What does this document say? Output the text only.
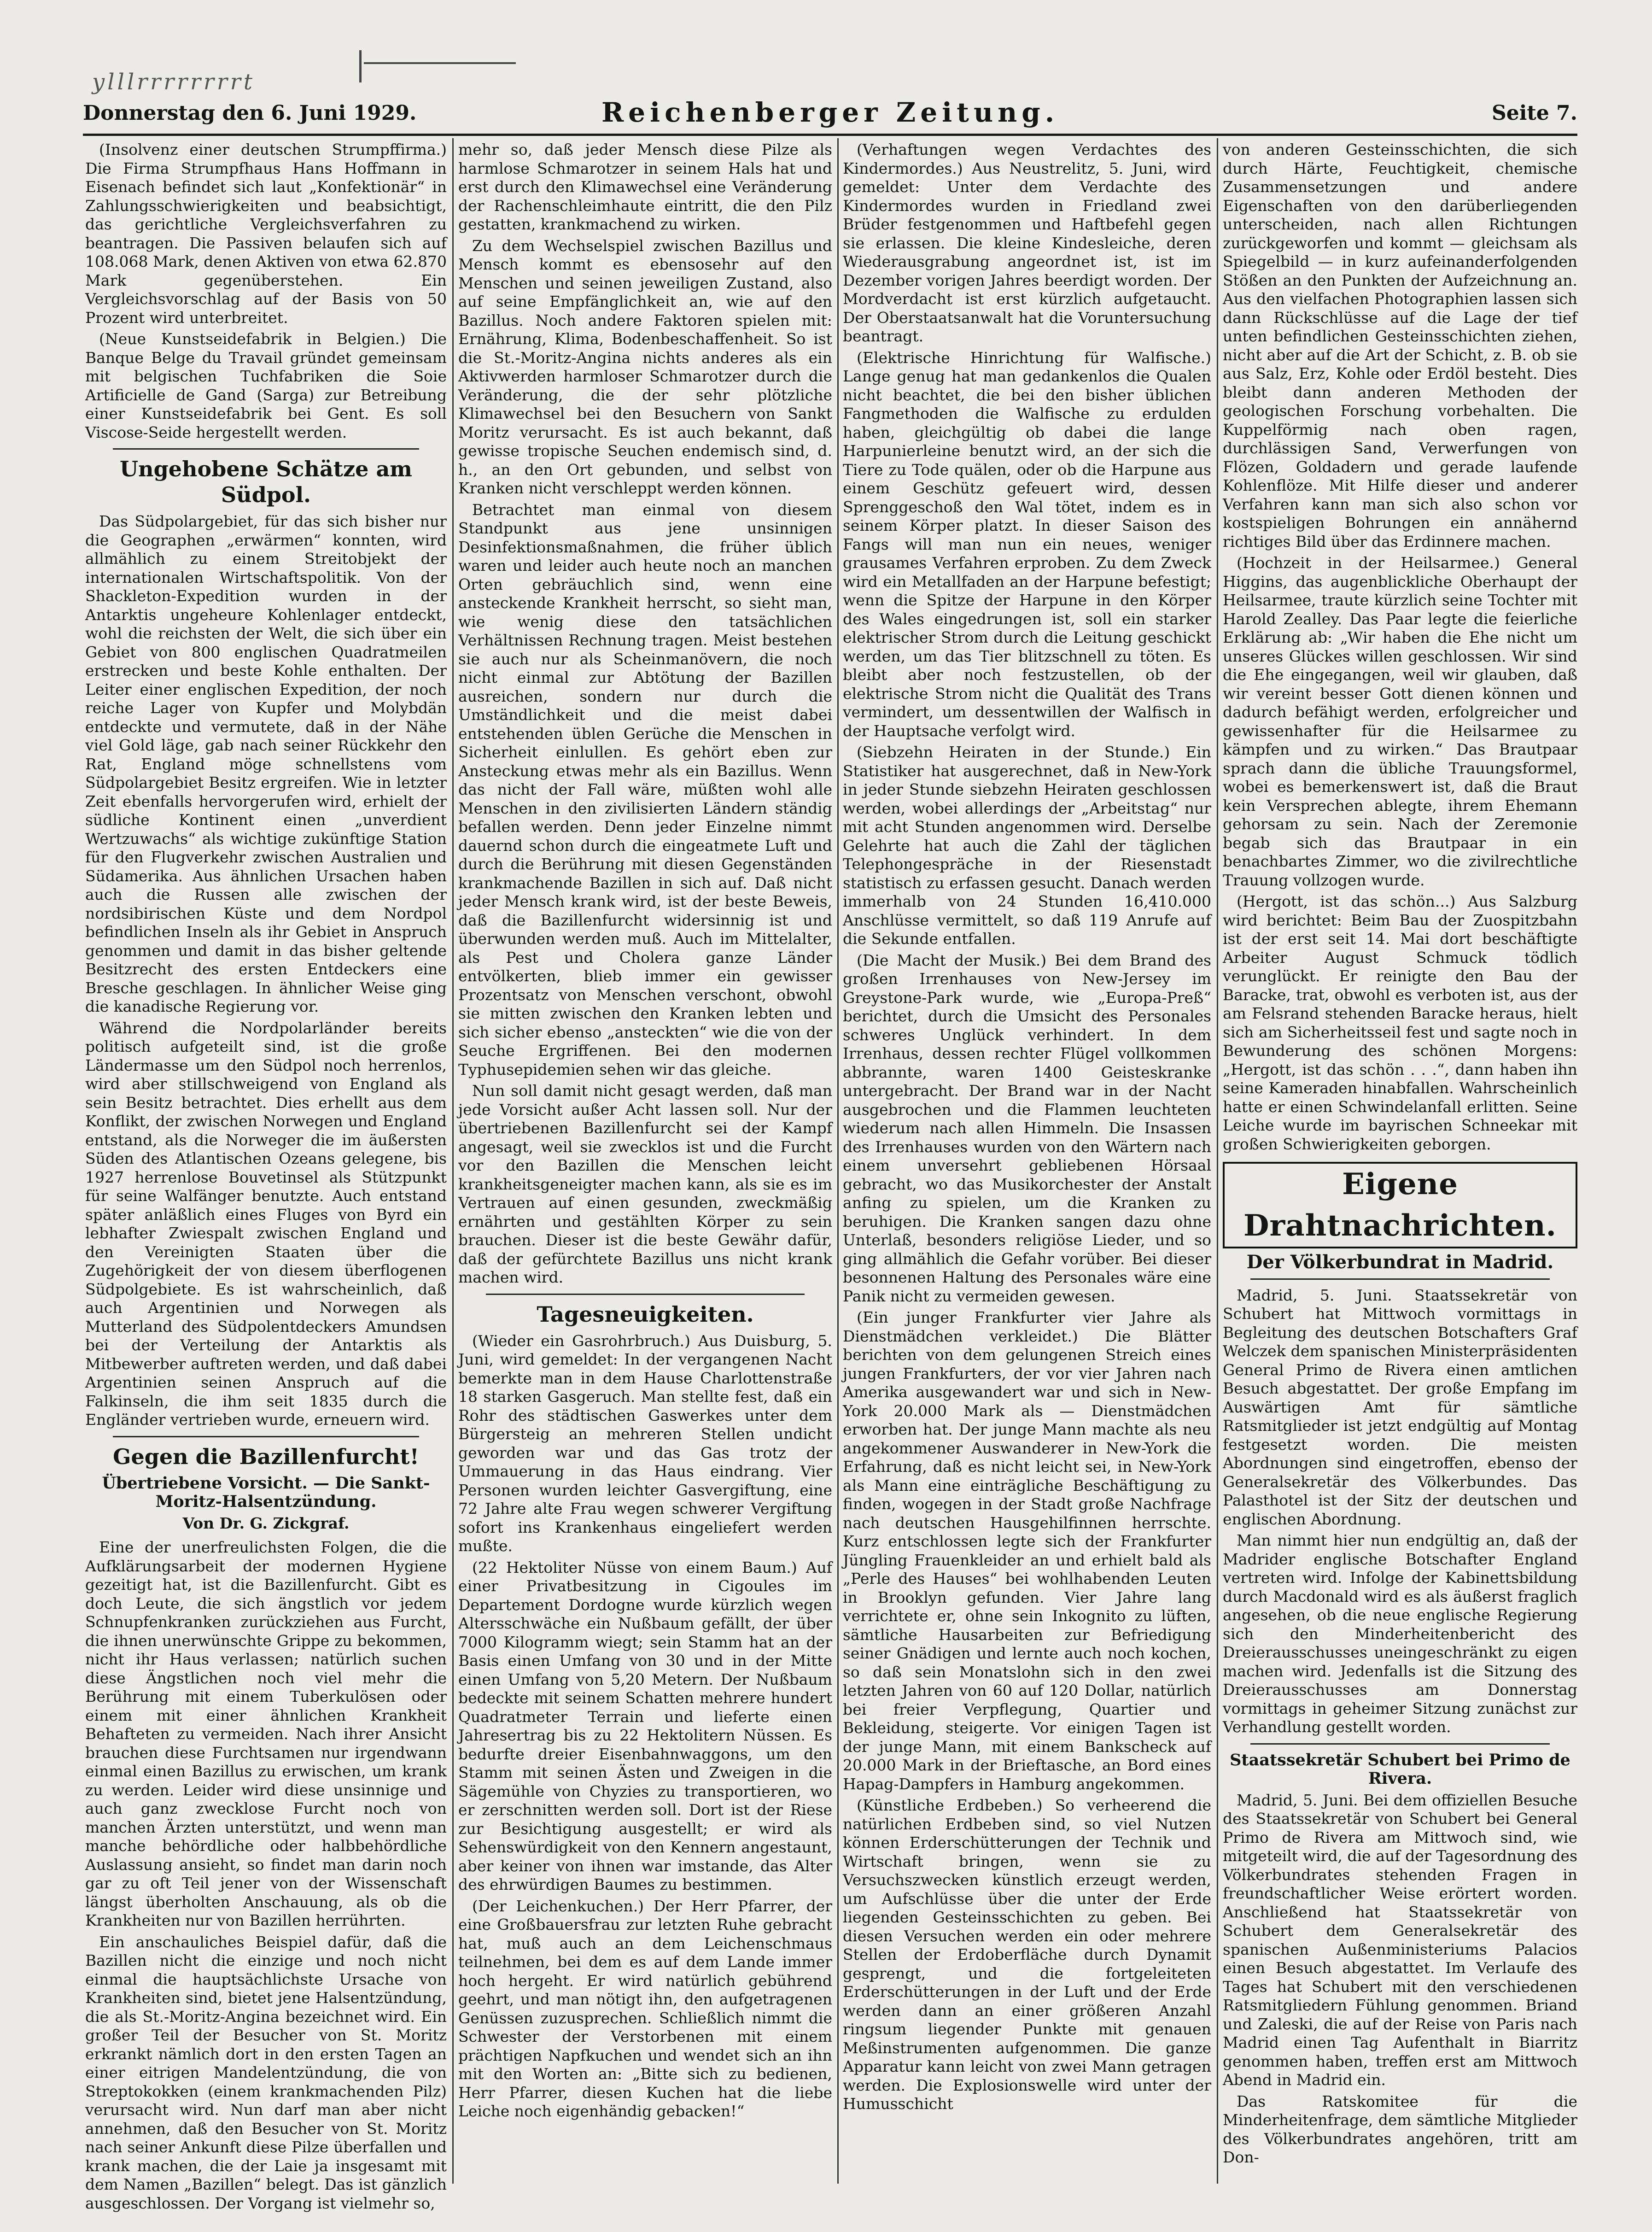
ylllrrrrrrrrt
Donnerstag den 6. Juni 1929.	Reichenberger Zeitung.	Seite 7.

(Insolvenz einer deutschen Strumpffirma.) Die Firma Strumpfhaus Hans Hoffmann in Eisenach befindet sich laut „Konfektionär“ in Zahlungsschwierigkeiten und beabsichtigt, das gerichtliche Vergleichsverfahren zu beantragen. Die Passiven belaufen sich auf 108.068 Mark, denen Aktiven von etwa 62.870 Mark gegenüberstehen. Ein Vergleichsvorschlag auf der Basis von 50 Prozent wird unterbreitet.

(Neue Kunstseidefabrik in Belgien.) Die Banque Belge du Travail gründet gemeinsam mit belgischen Tuchfabriken die Soie Artificielle de Gand (Sarga) zur Betreibung einer Kunstseidefabrik bei Gent. Es soll Viscose-Seide hergestellt werden.

Ungehobene Schätze am Südpol.

Das Südpolargebiet, für das sich bisher nur die Geographen „erwärmen“ konnten, wird allmählich zu einem Streitobjekt der internationalen Wirtschaftspolitik. Von der Shackleton-Expedition wurden in der Antarktis ungeheure Kohlenlager entdeckt, wohl die reichsten der Welt, die sich über ein Gebiet von 800 englischen Quadratmeilen erstrecken und beste Kohle enthalten. Der Leiter einer englischen Expedition, der noch reiche Lager von Kupfer und Molybdän entdeckte und vermutete, daß in der Nähe viel Gold läge, gab nach seiner Rückkehr den Rat, England möge schnellstens vom Südpolargebiet Besitz ergreifen. Wie in letzter Zeit ebenfalls hervorgerufen wird, erhielt der südliche Kontinent einen „unverdient Wertzuwachs“ als wichtige zukünftige Station für den Flugverkehr zwischen Australien und Südamerika. Aus ähnlichen Ursachen haben auch die Russen alle zwischen der nordsibirischen Küste und dem Nordpol befindlichen Inseln als ihr Gebiet in Anspruch genommen und damit in das bisher geltende Besitzrecht des ersten Entdeckers eine Bresche geschlagen. In ähnlicher Weise ging die kanadische Regierung vor.

Während die Nordpolarländer bereits politisch aufgeteilt sind, ist die große Ländermasse um den Südpol noch herrenlos, wird aber stillschweigend von England als sein Besitz betrachtet. Dies erhellt aus dem Konflikt, der zwischen Norwegen und England entstand, als die Norweger die im äußersten Süden des Atlantischen Ozeans gelegene, bis 1927 herrenlose Bouvetinsel als Stützpunkt für seine Walfänger benutzte. Auch entstand später anläßlich eines Fluges von Byrd ein lebhafter Zwiespalt zwischen England und den Vereinigten Staaten über die Zugehörigkeit der von diesem überflogenen Südpolgebiete. Es ist wahrscheinlich, daß auch Argentinien und Norwegen als Mutterland des Südpolentdeckers Amundsen bei der Verteilung der Antarktis als Mitbewerber auftreten werden, und daß dabei Argentinien seinen Anspruch auf die Falkinseln, die ihm seit 1835 durch die Engländer vertrieben wurde, erneuern wird.

Gegen die Bazillenfurcht!
Übertriebene Vorsicht. — Die Sankt-Moritz-Halsentzündung.
Von Dr. G. Zickgraf.

Eine der unerfreulichsten Folgen, die die Aufklärungsarbeit der modernen Hygiene gezeitigt hat, ist die Bazillenfurcht. Gibt es doch Leute, die sich ängstlich vor jedem Schnupfenkranken zurückziehen aus Furcht, die ihnen unerwünschte Grippe zu bekommen, nicht ihr Haus verlassen; natürlich suchen diese Ängstlichen noch viel mehr die Berührung mit einem Tuberkulösen oder einem mit einer ähnlichen Krankheit Behafteten zu vermeiden. Nach ihrer Ansicht brauchen diese Furchtsamen nur irgendwann einmal einen Bazillus zu erwischen, um krank zu werden. Leider wird diese unsinnige und auch ganz zwecklose Furcht noch von manchen Ärzten unterstützt, und wenn man manche behördliche oder halbbehördliche Auslassung ansieht, so findet man darin noch gar zu oft Teil jener von der Wissenschaft längst überholten Anschauung, als ob die Krankheiten nur von Bazillen herrührten.

Ein anschauliches Beispiel dafür, daß die Bazillen nicht die einzige und noch nicht einmal die hauptsächlichste Ursache von Krankheiten sind, bietet jene Halsentzündung, die als St.-Moritz-Angina bezeichnet wird. Ein großer Teil der Besucher von St. Moritz erkrankt nämlich dort in den ersten Tagen an einer eitrigen Mandelentzündung, die von Streptokokken (einem krankmachenden Pilz) verursacht wird. Nun darf man aber nicht annehmen, daß den Besucher von St. Moritz nach seiner Ankunft diese Pilze überfallen und krank machen, die der Laie ja insgesamt mit dem Namen „Bazillen“ belegt. Das ist gänzlich ausgeschlossen. Der Vorgang ist vielmehr so,

mehr so, daß jeder Mensch diese Pilze als harmlose Schmarotzer in seinem Hals hat und erst durch den Klimawechsel eine Veränderung der Rachenschleimhaute eintritt, die den Pilz gestatten, krankmachend zu wirken.

Zu dem Wechselspiel zwischen Bazillus und Mensch kommt es ebensosehr auf den Menschen und seinen jeweiligen Zustand, also auf seine Empfänglichkeit an, wie auf den Bazillus. Noch andere Faktoren spielen mit: Ernährung, Klima, Bodenbeschaffenheit. So ist die St.-Moritz-Angina nichts anderes als ein Aktivwerden harmloser Schmarotzer durch die Veränderung, die der sehr plötzliche Klimawechsel bei den Besuchern von Sankt Moritz verursacht. Es ist auch bekannt, daß gewisse tropische Seuchen endemisch sind, d. h., an den Ort gebunden, und selbst von Kranken nicht verschleppt werden können.

Betrachtet man einmal von diesem Standpunkt aus jene unsinnigen Desinfektionsmaßnahmen, die früher üblich waren und leider auch heute noch an manchen Orten gebräuchlich sind, wenn eine ansteckende Krankheit herrscht, so sieht man, wie wenig diese den tatsächlichen Verhältnissen Rechnung tragen. Meist bestehen sie auch nur als Scheinmanövern, die noch nicht einmal zur Abtötung der Bazillen ausreichen, sondern nur durch die Umständlichkeit und die meist dabei entstehenden üblen Gerüche die Menschen in Sicherheit einlullen. Es gehört eben zur Ansteckung etwas mehr als ein Bazillus. Wenn das nicht der Fall wäre, müßten wohl alle Menschen in den zivilisierten Ländern ständig befallen werden. Denn jeder Einzelne nimmt dauernd schon durch die eingeatmete Luft und durch die Berührung mit diesen Gegenständen krankmachende Bazillen in sich auf. Daß nicht jeder Mensch krank wird, ist der beste Beweis, daß die Bazillenfurcht widersinnig ist und überwunden werden muß. Auch im Mittelalter, als Pest und Cholera ganze Länder entvölkerten, blieb immer ein gewisser Prozentsatz von Menschen verschont, obwohl sie mitten zwischen den Kranken lebten und sich sicher ebenso „ansteckten“ wie die von der Seuche Ergriffenen. Bei den modernen Typhusepidemien sehen wir das gleiche.

Nun soll damit nicht gesagt werden, daß man jede Vorsicht außer Acht lassen soll. Nur der übertriebenen Bazillenfurcht sei der Kampf angesagt, weil sie zwecklos ist und die Furcht vor den Bazillen die Menschen leicht krankheitsgeneigter machen kann, als sie es im Vertrauen auf einen gesunden, zweckmäßig ernährten und gestählten Körper zu sein brauchen. Dieser ist die beste Gewähr dafür, daß der gefürchtete Bazillus uns nicht krank machen wird.

Tagesneuigkeiten.

(Wieder ein Gasrohrbruch.) Aus Duisburg, 5. Juni, wird gemeldet: In der vergangenen Nacht bemerkte man in dem Hause Charlottenstraße 18 starken Gasgeruch. Man stellte fest, daß ein Rohr des städtischen Gaswerkes unter dem Bürgersteig an mehreren Stellen undicht geworden war und das Gas trotz der Ummauerung in das Haus eindrang. Vier Personen wurden leichter Gasvergiftung, eine 72 Jahre alte Frau wegen schwerer Vergiftung sofort ins Krankenhaus eingeliefert werden mußte.

(22 Hektoliter Nüsse von einem Baum.) Auf einer Privatbesitzung in Cigoules im Departement Dordogne wurde kürzlich wegen Altersschwäche ein Nußbaum gefällt, der über 7000 Kilogramm wiegt; sein Stamm hat an der Basis einen Umfang von 30 und in der Mitte einen Umfang von 5,20 Metern. Der Nußbaum bedeckte mit seinem Schatten mehrere hundert Quadratmeter Terrain und lieferte einen Jahresertrag bis zu 22 Hektolitern Nüssen. Es bedurfte dreier Eisenbahnwaggons, um den Stamm mit seinen Ästen und Zweigen in die Sägemühle von Chyzies zu transportieren, wo er zerschnitten werden soll. Dort ist der Riese zur Besichtigung ausgestellt; er wird als Sehenswürdigkeit von den Kennern angestaunt, aber keiner von ihnen war imstande, das Alter des ehrwürdigen Baumes zu bestimmen.

(Der Leichenkuchen.) Der Herr Pfarrer, der eine Großbauersfrau zur letzten Ruhe gebracht hat, muß auch an dem Leichenschmaus teilnehmen, bei dem es auf dem Lande immer hoch hergeht. Er wird natürlich gebührend geehrt, und man nötigt ihn, den aufgetragenen Genüssen zuzusprechen. Schließlich nimmt die Schwester der Verstorbenen mit einem prächtigen Napfkuchen und wendet sich an ihn mit den Worten an: „Bitte sich zu bedienen, Herr Pfarrer, diesen Kuchen hat die liebe Leiche noch eigenhändig gebacken!“

(Verhaftungen wegen Verdachtes des Kindermordes.) Aus Neustrelitz, 5. Juni, wird gemeldet: Unter dem Verdachte des Kindermordes wurden in Friedland zwei Brüder festgenommen und Haftbefehl gegen sie erlassen. Die kleine Kindesleiche, deren Wiederausgrabung angeordnet ist, ist im Dezember vorigen Jahres beerdigt worden. Der Mordverdacht ist erst kürzlich aufgetaucht. Der Oberstaatsanwalt hat die Voruntersuchung beantragt.

(Elektrische Hinrichtung für Walfische.) Lange genug hat man gedankenlos die Qualen nicht beachtet, die bei den bisher üblichen Fangmethoden die Walfische zu erdulden haben, gleichgültig ob dabei die lange Harpunierleine benutzt wird, an der sich die Tiere zu Tode quälen, oder ob die Harpune aus einem Geschütz gefeuert wird, dessen Sprenggeschoß den Wal tötet, indem es in seinem Körper platzt. In dieser Saison des Fangs will man nun ein neues, weniger grausames Verfahren erproben. Zu dem Zweck wird ein Metallfaden an der Harpune befestigt; wenn die Spitze der Harpune in den Körper des Wales eingedrungen ist, soll ein starker elektrischer Strom durch die Leitung geschickt werden, um das Tier blitzschnell zu töten. Es bleibt aber noch festzustellen, ob der elektrische Strom nicht die Qualität des Trans vermindert, um dessentwillen der Walfisch in der Hauptsache verfolgt wird.

(Siebzehn Heiraten in der Stunde.) Ein Statistiker hat ausgerechnet, daß in New-York in jeder Stunde siebzehn Heiraten geschlossen werden, wobei allerdings der „Arbeitstag“ nur mit acht Stunden angenommen wird. Derselbe Gelehrte hat auch die Zahl der täglichen Telephongespräche in der Riesenstadt statistisch zu erfassen gesucht. Danach werden immerhalb von 24 Stunden 16,410.000 Anschlüsse vermittelt, so daß 119 Anrufe auf die Sekunde entfallen.

(Die Macht der Musik.) Bei dem Brand des großen Irrenhauses von New-Jersey im Greystone-Park wurde, wie „Europa-Preß“ berichtet, durch die Umsicht des Personales schweres Unglück verhindert. In dem Irrenhaus, dessen rechter Flügel vollkommen abbrannte, waren 1400 Geisteskranke untergebracht. Der Brand war in der Nacht ausgebrochen und die Flammen leuchteten wiederum nach allen Himmeln. Die Insassen des Irrenhauses wurden von den Wärtern nach einem unversehrt gebliebenen Hörsaal gebracht, wo das Musikorchester der Anstalt anfing zu spielen, um die Kranken zu beruhigen. Die Kranken sangen dazu ohne Unterlaß, besonders religiöse Lieder, und so ging allmählich die Gefahr vorüber. Bei dieser besonnenen Haltung des Personales wäre eine Panik nicht zu vermeiden gewesen.

(Ein junger Frankfurter vier Jahre als Dienstmädchen verkleidet.) Die Blätter berichten von dem gelungenen Streich eines jungen Frankfurters, der vor vier Jahren nach Amerika ausgewandert war und sich in New-York 20.000 Mark als — Dienstmädchen erworben hat. Der junge Mann machte als neu angekommener Auswanderer in New-York die Erfahrung, daß es nicht leicht sei, in New-York als Mann eine einträgliche Beschäftigung zu finden, wogegen in der Stadt große Nachfrage nach deutschen Hausgehilfinnen herrschte. Kurz entschlossen legte sich der Frankfurter Jüngling Frauenkleider an und erhielt bald als „Perle des Hauses“ bei wohlhabenden Leuten in Brooklyn gefunden. Vier Jahre lang verrichtete er, ohne sein Inkognito zu lüften, sämtliche Hausarbeiten zur Befriedigung seiner Gnädigen und lernte auch noch kochen, so daß sein Monatslohn sich in den zwei letzten Jahren von 60 auf 120 Dollar, natürlich bei freier Verpflegung, Quartier und Bekleidung, steigerte. Vor einigen Tagen ist der junge Mann, mit einem Bankscheck auf 20.000 Mark in der Brieftasche, an Bord eines Hapag-Dampfers in Hamburg angekommen.

(Künstliche Erdbeben.) So verheerend die natürlichen Erdbeben sind, so viel Nutzen können Erderschütterungen der Technik und Wirtschaft bringen, wenn sie zu Versuchszwecken künstlich erzeugt werden, um Aufschlüsse über die unter der Erde liegenden Gesteinsschichten zu geben. Bei diesen Versuchen werden ein oder mehrere Stellen der Erdoberfläche durch Dynamit gesprengt, und die fortgeleiteten Erderschütterungen in der Luft und der Erde werden dann an einer größeren Anzahl ringsum liegender Punkte mit genauen Meßinstrumenten aufgenommen. Die ganze Apparatur kann leicht von zwei Mann getragen werden. Die Explosionswelle wird unter der Humusschicht

von anderen Gesteinsschichten, die sich durch Härte, Feuchtigkeit, chemische Zusammensetzungen und andere Eigenschaften von den darüberliegenden unterscheiden, nach allen Richtungen zurückgeworfen und kommt — gleichsam als Spiegelbild — in kurz aufeinanderfolgenden Stößen an den Punkten der Aufzeichnung an. Aus den vielfachen Photographien lassen sich dann Rückschlüsse auf die Lage der tief unten befindlichen Gesteinsschichten ziehen, nicht aber auf die Art der Schicht, z. B. ob sie aus Salz, Erz, Kohle oder Erdöl besteht. Dies bleibt dann anderen Methoden der geologischen Forschung vorbehalten. Die Kuppelförmig nach oben ragen, durchlässigen Sand, Verwerfungen von Flözen, Goldadern und gerade laufende Kohlenflöze. Mit Hilfe dieser und anderer Verfahren kann man sich also schon vor kostspieligen Bohrungen ein annähernd richtiges Bild über das Erdinnere machen.

(Hochzeit in der Heilsarmee.) General Higgins, das augenblickliche Oberhaupt der Heilsarmee, traute kürzlich seine Tochter mit Harold Zealley. Das Paar legte die feierliche Erklärung ab: „Wir haben die Ehe nicht um unseres Glückes willen geschlossen. Wir sind die Ehe eingegangen, weil wir glauben, daß wir vereint besser Gott dienen können und dadurch befähigt werden, erfolgreicher und gewissenhafter für die Heilsarmee zu kämpfen und zu wirken.“ Das Brautpaar sprach dann die übliche Trauungsformel, wobei es bemerkenswert ist, daß die Braut kein Versprechen ablegte, ihrem Ehemann gehorsam zu sein. Nach der Zeremonie begab sich das Brautpaar in ein benachbartes Zimmer, wo die zivilrechtliche Trauung vollzogen wurde.

(Hergott, ist das schön...) Aus Salzburg wird berichtet: Beim Bau der Zuospitzbahn ist der erst seit 14. Mai dort beschäftigte Arbeiter August Schmuck tödlich verunglückt. Er reinigte den Bau der Baracke, trat, obwohl es verboten ist, aus der am Felsrand stehenden Baracke heraus, hielt sich am Sicherheitsseil fest und sagte noch in Bewunderung des schönen Morgens: „Hergott, ist das schön . . .“, dann haben ihn seine Kameraden hinabfallen. Wahrscheinlich hatte er einen Schwindelanfall erlitten. Seine Leiche wurde im bayrischen Schneekar mit großen Schwierigkeiten geborgen.

Eigene Drahtnachrichten.
Der Völkerbundrat in Madrid.

Madrid, 5. Juni. Staatssekretär von Schubert hat Mittwoch vormittags in Begleitung des deutschen Botschafters Graf Welczek dem spanischen Ministerpräsidenten General Primo de Rivera einen amtlichen Besuch abgestattet. Der große Empfang im Auswärtigen Amt für sämtliche Ratsmitglieder ist jetzt endgültig auf Montag festgesetzt worden. Die meisten Abordnungen sind eingetroffen, ebenso der Generalsekretär des Völkerbundes. Das Palasthotel ist der Sitz der deutschen und englischen Abordnung.

Man nimmt hier nun endgültig an, daß der Madrider englische Botschafter England vertreten wird. Infolge der Kabinettsbildung durch Macdonald wird es als äußerst fraglich angesehen, ob die neue englische Regierung sich den Minderheitenbericht des Dreierausschusses uneingeschränkt zu eigen machen wird. Jedenfalls ist die Sitzung des Dreierausschusses am Donnerstag vormittags in geheimer Sitzung zunächst zur Verhandlung gestellt worden.

Staatssekretär Schubert bei Primo de Rivera.

Madrid, 5. Juni. Bei dem offiziellen Besuche des Staatssekretär von Schubert bei General Primo de Rivera am Mittwoch sind, wie mitgeteilt wird, die auf der Tagesordnung des Völkerbundrates stehenden Fragen in freundschaftlicher Weise erörtert worden. Anschließend hat Staatssekretär von Schubert dem Generalsekretär des spanischen Außenministeriums Palacios einen Besuch abgestattet. Im Verlaufe des Tages hat Schubert mit den verschiedenen Ratsmitgliedern Fühlung genommen. Briand und Zaleski, die auf der Reise von Paris nach Madrid einen Tag Aufenthalt in Biarritz genommen haben, treffen erst am Mittwoch Abend in Madrid ein.

Das Ratskomitee für die Minderheitenfrage, dem sämtliche Mitglieder des Völkerbundrates angehören, tritt am Don-
